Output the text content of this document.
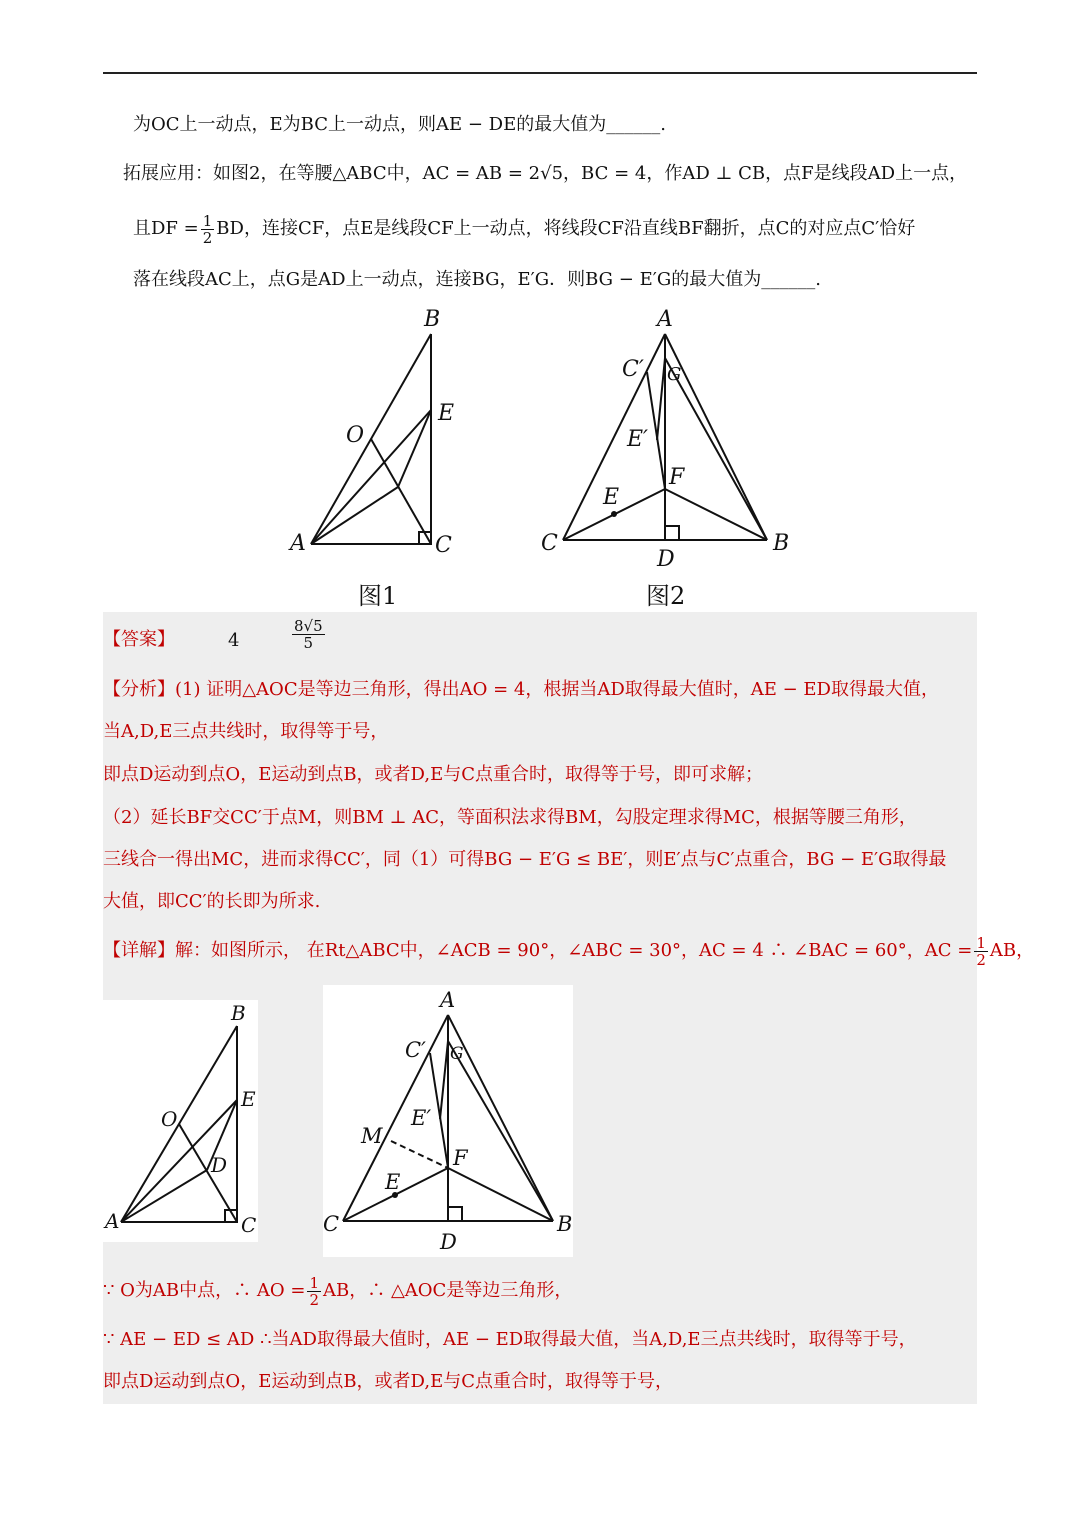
为OC上一动点，E为BC上一动点，则AE − DE的最大值为______.
拓展应用：如图2，在等腰△ABC中，AC = AB = 2√5，BC = 4，作AD ⊥ CB，点F是线段AD上一点，
且DF = $\frac{1}{2}$ BD，连接CF，点E是线段CF上一动点，将线段CF沿直线BF翻折，点C的对应点C′恰好
落在线段AC上，点G是AD上一动点，连接BG，E′G．则BG − E′G的最大值为______.
B
A	C
O
E
图1
A
C′ G
E′
F
E
C	B
D
图2
【答案】	4	$\frac{8√5}{5}$
【分析】(1) 证明△AOC是等边三角形，得出AO = 4，根据当AD取得最大值时，AE − ED取得最大值，
当A,D,E三点共线时，取得等于号，
即点D运动到点O，E运动到点B，或者D,E与C点重合时，取得等于号，即可求解；
（2）延长BF交CC′于点M，则BM ⊥ AC，等面积法求得BM，勾股定理求得MC，根据等腰三角形，
三线合一得出MC，进而求得CC′，同（1）可得BG − E′G ≤ BE′，则E′点与C′点重合，BG − E′G取得最
大值，即CC′的长即为所求.
【详解】解：如图所示， 在Rt△ABC中，∠ACB = 90°，∠ABC = 30°，AC = 4 ∴ ∠BAC = 60°，AC = $\frac{1}{2}$ AB，
B
A	C
O
E
D
A
C′ G
E′
M
F
E
C	B
D
∵ O为AB中点，∴ AO = $\frac{1}{2}$ AB，∴ △AOC是等边三角形，
∵ AE − ED ≤ AD ∴当AD取得最大值时，AE − ED取得最大值，当A,D,E三点共线时，取得等于号，
即点D运动到点O，E运动到点B，或者D,E与C点重合时，取得等于号，
